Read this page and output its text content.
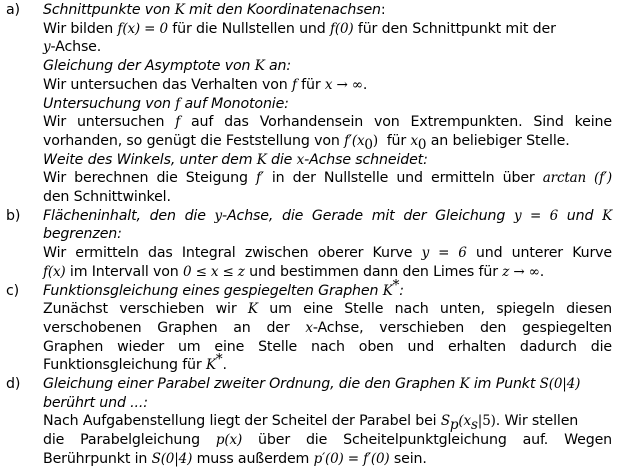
a) Schnittpunkte von K mit den Koordinatenachsen:
Wir bilden f(x) = 0 für die Nullstellen und f(0) für den Schnittpunkt mit der
y-Achse.
Gleichung der Asymptote von K an:
Wir untersuchen das Verhalten von f für x → ∞.
Untersuchung von f auf Monotonie:
Wir untersuchen f auf das Vorhandensein von Extrempunkten. Sind keine
vorhanden, so genügt die Feststellung von $f'(x_0)$  für $x_0$ an beliebiger Stelle.
Weite des Winkels, unter dem K die x-Achse schneidet:
Wir berechnen die Steigung f′ in der Nullstelle und ermitteln über arctan (f′)
den Schnittwinkel.
b) Flächeninhalt, den die y-Achse, die Gerade mit der Gleichung y = 6 und K
begrenzen:
Wir ermitteln das Integral zwischen oberer Kurve y = 6 und unterer Kurve
f(x) im Intervall von 0 ≤ x ≤ z und bestimmen dann den Limes für z → ∞.
c) Funktionsgleichung eines gespiegelten Graphen K*:
Zunächst verschieben wir K um eine Stelle nach unten, spiegeln diesen
verschobenen Graphen an der x-Achse, verschieben den gespiegelten
Graphen wieder um eine Stelle nach oben und erhalten dadurch die
Funktionsgleichung für K*.
d) Gleichung einer Parabel zweiter Ordnung, die den Graphen K im Punkt S(0|4)
berührt und ...:
Nach Aufgabenstellung liegt der Scheitel der Parabel bei $S_p(x_s|5)$. Wir stellen
die Parabelgleichung p(x) über die Scheitelpunktgleichung auf. Wegen
Berührpunkt in S(0|4) muss außerdem p′(0) = f′(0) sein.
